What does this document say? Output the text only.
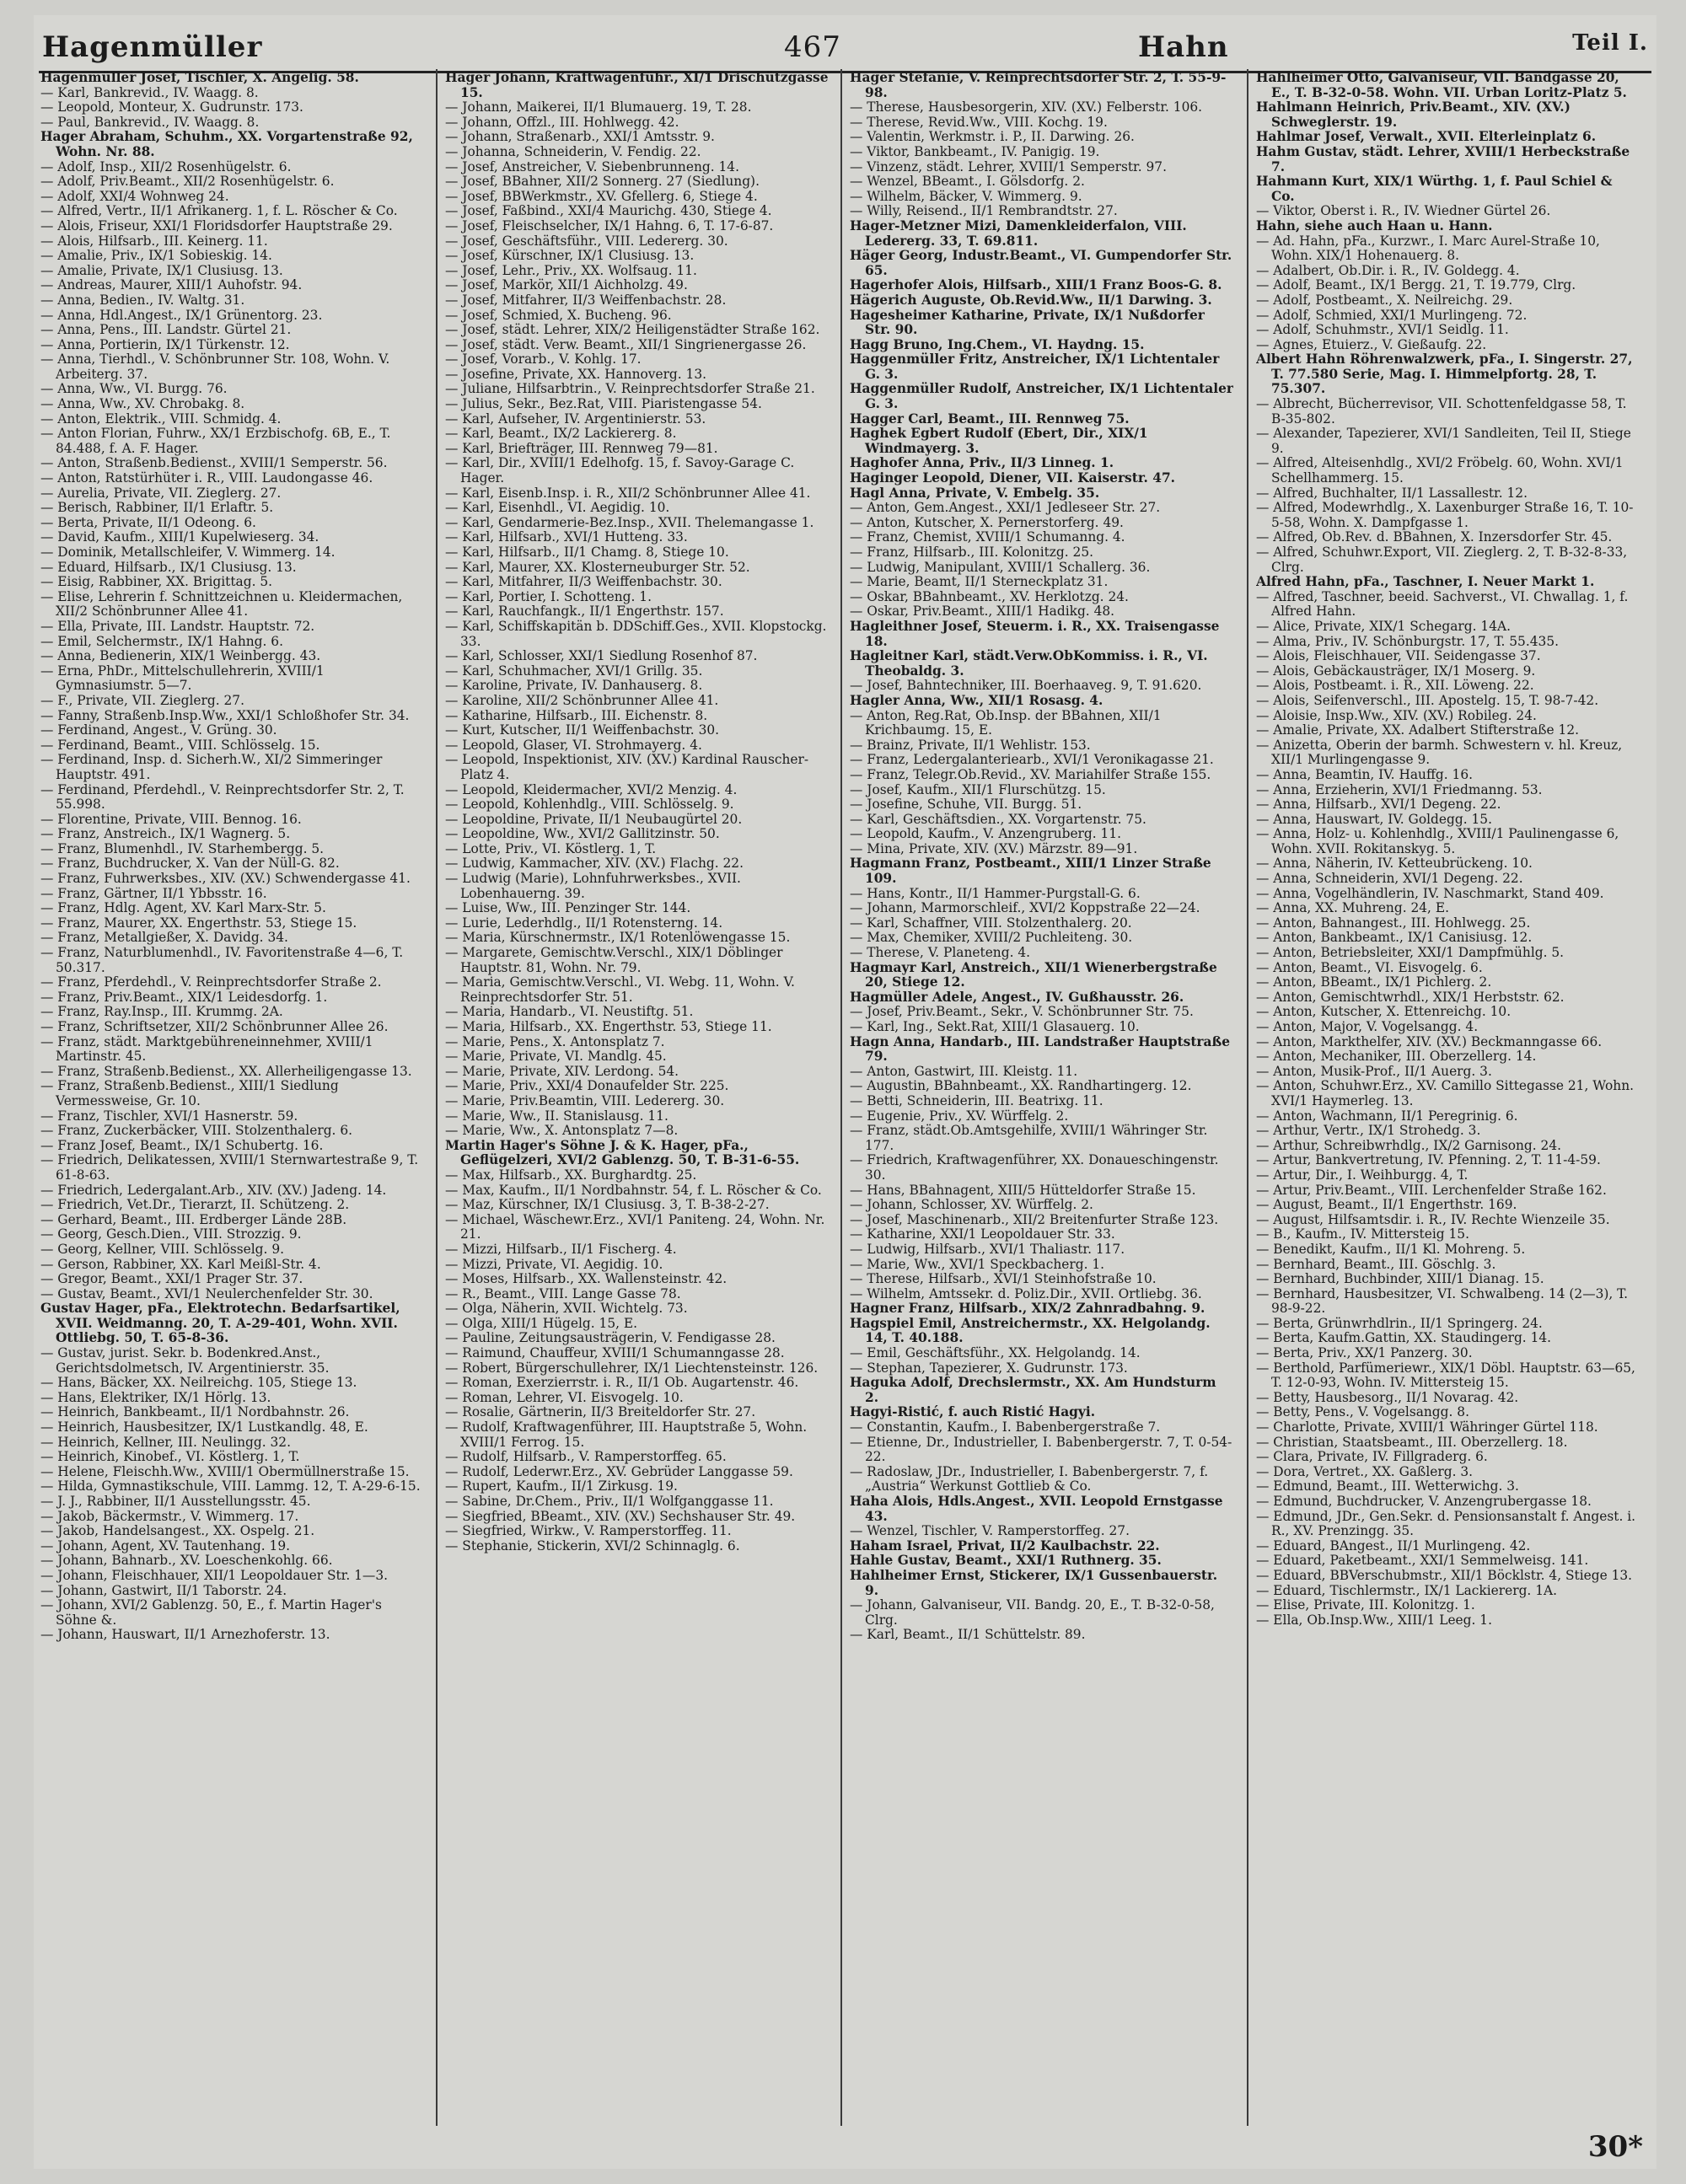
Hagenmüller	467	Hahn	Teil I.

Hagenmüller Josef, Tischler, X. Angelig. 58.

— Karl, Bankrevid., IV. Waagg. 8.

— Leopold, Monteur, X. Gudrunstr. 173.

— Paul, Bankrevid., IV. Waagg. 8.

Hager Abraham, Schuhm., XX. Vorgartenstraße 92, Wohn. Nr. 88.

— Adolf, Insp., XII/2 Rosenhügelstr. 6.

— Adolf, Priv.Beamt., XII/2 Rosenhügelstr. 6.

— Adolf, XXI/4 Wohnweg 24.

— Alfred, Vertr., II/1 Afrikanerg. 1, f. L. Röscher & Co.

— Alois, Friseur, XXI/1 Floridsdorfer Hauptstraße 29.

— Alois, Hilfsarb., III. Keinerg. 11.

— Amalie, Priv., IX/1 Sobieskig. 14.

— Amalie, Private, IX/1 Clusiusg. 13.

— Andreas, Maurer, XIII/1 Auhofstr. 94.

— Anna, Bedien., IV. Waltg. 31.

— Anna, Hdl.Angest., IX/1 Grünentorg. 23.

— Anna, Pens., III. Landstr. Gürtel 21.

— Anna, Portierin, IX/1 Türkenstr. 12.

— Anna, Tierhdl., V. Schönbrunner Str. 108, Wohn. V. Arbeiterg. 37.

— Anna, Ww., VI. Burgg. 76.

— Anna, Ww., XV. Chrobakg. 8.

— Anton, Elektrik., VIII. Schmidg. 4.

— Anton Florian, Fuhrw., XX/1 Erzbischofg. 6B, E., T. 84.488, f. A. F. Hager.

— Anton, Straßenb.Bedienst., XVIII/1 Semperstr. 56.

— Anton, Ratstürhüter i. R., VIII. Laudongasse 46.

— Aurelia, Private, VII. Zieglerg. 27.

— Berisch, Rabbiner, II/1 Erlaftr. 5.

— Berta, Private, II/1 Odeong. 6.

— David, Kaufm., XIII/1 Kupelwieserg. 34.

— Dominik, Metallschleifer, V. Wimmerg. 14.

— Eduard, Hilfsarb., IX/1 Clusiusg. 13.

— Eisig, Rabbiner, XX. Brigittag. 5.

— Elise, Lehrerin f. Schnittzeichnen u. Kleidermachen, XII/2 Schönbrunner Allee 41.

— Ella, Private, III. Landstr. Hauptstr. 72.

— Emil, Selchermstr., IX/1 Hahng. 6.

— Anna, Bedienerin, XIX/1 Weinbergg. 43.

— Erna, PhDr., Mittelschullehrerin, XVIII/1 Gymnasiumstr. 5—7.

— F., Private, VII. Zieglerg. 27.

— Fanny, Straßenb.Insp.Ww., XXI/1 Schloßhofer Str. 34.

— Ferdinand, Angest., V. Grüng. 30.

— Ferdinand, Beamt., VIII. Schlösselg. 15.

— Ferdinand, Insp. d. Sicherh.W., XI/2 Simmeringer Hauptstr. 491.

— Ferdinand, Pferdehdl., V. Reinprechtsdorfer Str. 2, T. 55.998.

— Florentine, Private, VIII. Bennog. 16.

— Franz, Anstreich., IX/1 Wagnerg. 5.

— Franz, Blumenhdl., IV. Starhembergg. 5.

— Franz, Buchdrucker, X. Van der Nüll-G. 82.

— Franz, Fuhrwerksbes., XIV. (XV.) Schwendergasse 41.

— Franz, Gärtner, II/1 Ybbsstr. 16.

— Franz, Hdlg. Agent, XV. Karl Marx-Str. 5.

— Franz, Maurer, XX. Engerthstr. 53, Stiege 15.

— Franz, Metallgießer, X. Davidg. 34.

— Franz, Naturblumenhdl., IV. Favoritenstraße 4—6, T. 50.317.

— Franz, Pferdehdl., V. Reinprechtsdorfer Straße 2.

— Franz, Priv.Beamt., XIX/1 Leidesdorfg. 1.

— Franz, Ray.Insp., III. Krummg. 2A.

— Franz, Schriftsetzer, XII/2 Schönbrunner Allee 26.

— Franz, städt. Marktgebühreneinnehmer, XVIII/1 Martinstr. 45.

— Franz, Straßenb.Bedienst., XX. Allerheiligengasse 13.

— Franz, Straßenb.Bedienst., XIII/1 Siedlung Vermessweise, Gr. 10.

— Franz, Tischler, XVI/1 Hasnerstr. 59.

— Franz, Zuckerbäcker, VIII. Stolzenthalerg. 6.

— Franz Josef, Beamt., IX/1 Schubertg. 16.

— Friedrich, Delikatessen, XVIII/1 Sternwartestraße 9, T. 61-8-63.

— Friedrich, Ledergalant.Arb., XIV. (XV.) Jadeng. 14.

— Friedrich, Vet.Dr., Tierarzt, II. Schützeng. 2.

— Gerhard, Beamt., III. Erdberger Lände 28B.

— Georg, Gesch.Dien., VIII. Strozzig. 9.

— Georg, Kellner, VIII. Schlösselg. 9.

— Gerson, Rabbiner, XX. Karl Meißl-Str. 4.

— Gregor, Beamt., XXI/1 Prager Str. 37.

— Gustav, Beamt., XVI/1 Neulerchenfelder Str. 30.

Gustav Hager, pFa., Elektrotechn. Bedarfsartikel, XVII. Weidmanng. 20, T. A-29-401, Wohn. XVII. Ottliebg. 50, T. 65-8-36.

— Gustav, jurist. Sekr. b. Bodenkred.Anst., Gerichtsdolmetsch, IV. Argentinierstr. 35.

— Hans, Bäcker, XX. Neilreichg. 105, Stiege 13.

— Hans, Elektriker, IX/1 Hörlg. 13.

— Heinrich, Bankbeamt., II/1 Nordbahnstr. 26.

— Heinrich, Hausbesitzer, IX/1 Lustkandlg. 48, E.

— Heinrich, Kellner, III. Neulingg. 32.

— Heinrich, Kinobef., VI. Köstlerg. 1, T.

— Helene, Fleischh.Ww., XVIII/1 Obermüllnerstraße 15.

— Hilda, Gymnastikschule, VIII. Lammg. 12, T. A-29-6-15.

— J. J., Rabbiner, II/1 Ausstellungsstr. 45.

— Jakob, Bäckermstr., V. Wimmerg. 17.

— Jakob, Handelsangest., XX. Ospelg. 21.

— Johann, Agent, XV. Tautenhang. 19.

— Johann, Bahnarb., XV. Loeschenkohlg. 66.

— Johann, Fleischhauer, XII/1 Leopoldauer Str. 1—3.

— Johann, Gastwirt, II/1 Taborstr. 24.

— Johann, XVI/2 Gablenzg. 50, E., f. Martin Hager's Söhne &.

— Johann, Hauswart, II/1 Arnezhoferstr. 13.

Hager Johann, Kraftwagenführ., XI/1 Drischützgasse 15.

— Johann, Maikerei, II/1 Blumauerg. 19, T. 28.

— Johann, Offzl., III. Hohlwegg. 42.

— Johann, Straßenarb., XXI/1 Amtsstr. 9.

— Johanna, Schneiderin, V. Fendig. 22.

— Josef, Anstreicher, V. Siebenbrunneng. 14.

— Josef, BBahner, XII/2 Sonnerg. 27 (Siedlung).

— Josef, BBWerkmstr., XV. Gfellerg. 6, Stiege 4.

— Josef, Faßbind., XXI/4 Maurichg. 430, Stiege 4.

— Josef, Fleischselcher, IX/1 Hahng. 6, T. 17-6-87.

— Josef, Geschäftsführ., VIII. Ledererg. 30.

— Josef, Kürschner, IX/1 Clusiusg. 13.

— Josef, Lehr., Priv., XX. Wolfsaug. 11.

— Josef, Markör, XII/1 Aichholzg. 49.

— Josef, Mitfahrer, II/3 Weiffenbachstr. 28.

— Josef, Schmied, X. Bucheng. 96.

— Josef, städt. Lehrer, XIX/2 Heiligenstädter Straße 162.

— Josef, städt. Verw. Beamt., XII/1 Singrienergasse 26.

— Josef, Vorarb., V. Kohlg. 17.

— Josefine, Private, XX. Hannoverg. 13.

— Juliane, Hilfsarbtrin., V. Reinprechtsdorfer Straße 21.

— Julius, Sekr., Bez.Rat, VIII. Piaristengasse 54.

— Karl, Aufseher, IV. Argentinierstr. 53.

— Karl, Beamt., IX/2 Lackiererg. 8.

— Karl, Briefträger, III. Rennweg 79—81.

— Karl, Dir., XVIII/1 Edelhofg. 15, f. Savoy-Garage C. Hager.

— Karl, Eisenb.Insp. i. R., XII/2 Schönbrunner Allee 41.

— Karl, Eisenhdl., VI. Aegidig. 10.

— Karl, Gendarmerie-Bez.Insp., XVII. Thelemangasse 1.

— Karl, Hilfsarb., XVI/1 Hutteng. 33.

— Karl, Hilfsarb., II/1 Chamg. 8, Stiege 10.

— Karl, Maurer, XX. Klosterneuburger Str. 52.

— Karl, Mitfahrer, II/3 Weiffenbachstr. 30.

— Karl, Portier, I. Schotteng. 1.

— Karl, Rauchfangk., II/1 Engerthstr. 157.

— Karl, Schiffskapitän b. DDSchiff.Ges., XVII. Klopstockg. 33.

— Karl, Schlosser, XXI/1 Siedlung Rosenhof 87.

— Karl, Schuhmacher, XVI/1 Grillg. 35.

— Karoline, Private, IV. Danhauserg. 8.

— Karoline, XII/2 Schönbrunner Allee 41.

— Katharine, Hilfsarb., III. Eichenstr. 8.

— Kurt, Kutscher, II/1 Weiffenbachstr. 30.

— Leopold, Glaser, VI. Strohmayerg. 4.

— Leopold, Inspektionist, XIV. (XV.) Kardinal Rauscher-Platz 4.

— Leopold, Kleidermacher, XVI/2 Menzig. 4.

— Leopold, Kohlenhdlg., VIII. Schlösselg. 9.

— Leopoldine, Private, II/1 Neubaugürtel 20.

— Leopoldine, Ww., XVI/2 Gallitzinstr. 50.

— Lotte, Priv., VI. Köstlerg. 1, T.

— Ludwig, Kammacher, XIV. (XV.) Flachg. 22.

— Ludwig (Marie), Lohnfuhrwerksbes., XVII. Lobenhauerng. 39.

— Luise, Ww., III. Penzinger Str. 144.

— Lurie, Lederhdlg., II/1 Rotensterng. 14.

— Maria, Kürschnermstr., IX/1 Rotenlöwengasse 15.

— Margarete, Gemischtw.Verschl., XIX/1 Döblinger Hauptstr. 81, Wohn. Nr. 79.

— Maria, Gemischtw.Verschl., VI. Webg. 11, Wohn. V. Reinprechtsdorfer Str. 51.

— Maria, Handarb., VI. Neustiftg. 51.

— Maria, Hilfsarb., XX. Engerthstr. 53, Stiege 11.

— Marie, Pens., X. Antonsplatz 7.

— Marie, Private, VI. Mandlg. 45.

— Marie, Private, XIV. Lerdong. 54.

— Marie, Priv., XXI/4 Donaufelder Str. 225.

— Marie, Priv.Beamtin, VIII. Ledererg. 30.

— Marie, Ww., II. Stanislausg. 11.

— Marie, Ww., X. Antonsplatz 7—8.

Martin Hager's Söhne J. & K. Hager, pFa., Geflügelzeri, XVI/2 Gablenzg. 50, T. B-31-6-55.

— Max, Hilfsarb., XX. Burghardtg. 25.

— Max, Kaufm., II/1 Nordbahnstr. 54, f. L. Röscher & Co.

— Maz, Kürschner, IX/1 Clusiusg. 3, T. B-38-2-27.

— Michael, Wäschewr.Erz., XVI/1 Paniteng. 24, Wohn. Nr. 21.

— Mizzi, Hilfsarb., II/1 Fischerg. 4.

— Mizzi, Private, VI. Aegidig. 10.

— Moses, Hilfsarb., XX. Wallensteinstr. 42.

— R., Beamt., VIII. Lange Gasse 78.

— Olga, Näherin, XVII. Wichtelg. 73.

— Olga, XIII/1 Hügelg. 15, E.

— Pauline, Zeitungsausträgerin, V. Fendigasse 28.

— Raimund, Chauffeur, XVIII/1 Schumanngasse 28.

— Robert, Bürgerschullehrer, IX/1 Liechtensteinstr. 126.

— Roman, Exerzierrstr. i. R., II/1 Ob. Augartenstr. 46.

— Roman, Lehrer, VI. Eisvogelg. 10.

— Rosalie, Gärtnerin, II/3 Breiteldorfer Str. 27.

— Rudolf, Kraftwagenführer, III. Hauptstraße 5, Wohn. XVIII/1 Ferrog. 15.

— Rudolf, Hilfsarb., V. Ramperstorffeg. 65.

— Rudolf, Lederwr.Erz., XV. Gebrüder Langgasse 59.

— Rupert, Kaufm., II/1 Zirkusg. 19.

— Sabine, Dr.Chem., Priv., II/1 Wolfganggasse 11.

— Siegfried, BBeamt., XIV. (XV.) Sechshauser Str. 49.

— Siegfried, Wirkw., V. Ramperstorffeg. 11.

— Stephanie, Stickerin, XVI/2 Schinnaglg. 6.

Hager Stefanie, V. Reinprechtsdorfer Str. 2, T. 55-9-98.

— Therese, Hausbesorgerin, XIV. (XV.) Felberstr. 106.

— Therese, Revid.Ww., VIII. Kochg. 19.

— Valentin, Werkmstr. i. P., II. Darwing. 26.

— Viktor, Bankbeamt., IV. Panigig. 19.

— Vinzenz, städt. Lehrer, XVIII/1 Semperstr. 97.

— Wenzel, BBeamt., I. Gölsdorfg. 2.

— Wilhelm, Bäcker, V. Wimmerg. 9.

— Willy, Reisend., II/1 Rembrandtstr. 27.

Hager-Metzner Mizi, Damenkleiderfalon, VIII. Ledererg. 33, T. 69.811.

Häger Georg, Industr.Beamt., VI. Gumpendorfer Str. 65.

Hagerhofer Alois, Hilfsarb., XIII/1 Franz Boos-G. 8.

Hägerich Auguste, Ob.Revid.Ww., II/1 Darwing. 3.

Hagesheimer Katharine, Private, IX/1 Nußdorfer Str. 90.

Hagg Bruno, Ing.Chem., VI. Haydng. 15.

Haggenmüller Fritz, Anstreicher, IX/1 Lichtentaler G. 3.

Haggenmüller Rudolf, Anstreicher, IX/1 Lichtentaler G. 3.

Hagger Carl, Beamt., III. Rennweg 75.

Haghek Egbert Rudolf (Ebert, Dir., XIX/1 Windmayerg. 3.

Haghofer Anna, Priv., II/3 Linneg. 1.

Haginger Leopold, Diener, VII. Kaiserstr. 47.

Hagl Anna, Private, V. Embelg. 35.

— Anton, Gem.Angest., XXI/1 Jedleseer Str. 27.

— Anton, Kutscher, X. Pernerstorferg. 49.

— Franz, Chemist, XVIII/1 Schumanng. 4.

— Franz, Hilfsarb., III. Kolonitzg. 25.

— Ludwig, Manipulant, XVIII/1 Schallerg. 36.

— Marie, Beamt, II/1 Sterneckplatz 31.

— Oskar, BBahnbeamt., XV. Herklotzg. 24.

— Oskar, Priv.Beamt., XIII/1 Hadikg. 48.

Hagleithner Josef, Steuerm. i. R., XX. Traisengasse 18.

Hagleitner Karl, städt.Verw.ObKommiss. i. R., VI. Theobaldg. 3.

— Josef, Bahntechniker, III. Boerhaaveg. 9, T. 91.620.

Hagler Anna, Ww., XII/1 Rosasg. 4.

— Anton, Reg.Rat, Ob.Insp. der BBahnen, XII/1 Krichbaumg. 15, E.

— Brainz, Private, II/1 Wehlistr. 153.

— Franz, Ledergalanteriearb., XVI/1 Veronikagasse 21.

— Franz, Telegr.Ob.Revid., XV. Mariahilfer Straße 155.

— Josef, Kaufm., XII/1 Flurschützg. 15.

— Josefine, Schuhe, VII. Burgg. 51.

— Karl, Geschäftsdien., XX. Vorgartenstr. 75.

— Leopold, Kaufm., V. Anzengruberg. 11.

— Mina, Private, XIV. (XV.) Märzstr. 89—91.

Hagmann Franz, Postbeamt., XIII/1 Linzer Straße 109.

— Hans, Kontr., II/1 Hammer-Purgstall-G. 6.

— Johann, Marmorschleif., XVI/2 Koppstraße 22—24.

— Karl, Schaffner, VIII. Stolzenthalerg. 20.

— Max, Chemiker, XVIII/2 Puchleiteng. 30.

— Therese, V. Planeteng. 4.

Hagmayr Karl, Anstreich., XII/1 Wienerbergstraße 20, Stiege 12.

Hagmüller Adele, Angest., IV. Gußhausstr. 26.

— Josef, Priv.Beamt., Sekr., V. Schönbrunner Str. 75.

— Karl, Ing., Sekt.Rat, XIII/1 Glasauerg. 10.

Hagn Anna, Handarb., III. Landstraßer Hauptstraße 79.

— Anton, Gastwirt, III. Kleistg. 11.

— Augustin, BBahnbeamt., XX. Randhartingerg. 12.

— Betti, Schneiderin, III. Beatrixg. 11.

— Eugenie, Priv., XV. Würffelg. 2.

— Franz, städt.Ob.Amtsgehilfe, XVIII/1 Währinger Str. 177.

— Friedrich, Kraftwagenführer, XX. Donaueschingenstr. 30.

— Hans, BBahnagent, XIII/5 Hütteldorfer Straße 15.

— Johann, Schlosser, XV. Würffelg. 2.

— Josef, Maschinenarb., XII/2 Breitenfurter Straße 123.

— Katharine, XXI/1 Leopoldauer Str. 33.

— Ludwig, Hilfsarb., XVI/1 Thaliastr. 117.

— Marie, Ww., XVI/1 Speckbacherg. 1.

— Therese, Hilfsarb., XVI/1 Steinhofstraße 10.

— Wilhelm, Amtssekr. d. Poliz.Dir., XVII. Ortliebg. 36.

Hagner Franz, Hilfsarb., XIX/2 Zahnradbahng. 9.

Hagspiel Emil, Anstreichermstr., XX. Helgolandg. 14, T. 40.188.

— Emil, Geschäftsführ., XX. Helgolandg. 14.

— Stephan, Tapezierer, X. Gudrunstr. 173.

Haguka Adolf, Drechslermstr., XX. Am Hundsturm 2.

Hagyi-Ristić, f. auch Ristić Hagyi.

— Constantin, Kaufm., I. Babenbergerstraße 7.

— Etienne, Dr., Industrieller, I. Babenbergerstr. 7, T. 0-54-22.

— Radoslaw, JDr., Industrieller, I. Babenbergerstr. 7, f. „Austria“ Werkunst Gottlieb & Co.

Haha Alois, Hdls.Angest., XVII. Leopold Ernstgasse 43.

— Wenzel, Tischler, V. Ramperstorffeg. 27.

Haham Israel, Privat, II/2 Kaulbachstr. 22.

Hahle Gustav, Beamt., XXI/1 Ruthnerg. 35.

Hahlheimer Ernst, Stickerer, IX/1 Gussenbauerstr. 9.

— Johann, Galvaniseur, VII. Bandg. 20, E., T. B-32-0-58, Clrg.

— Karl, Beamt., II/1 Schüttelstr. 89.

Hahlheimer Otto, Galvaniseur, VII. Bandgasse 20, E., T. B-32-0-58. Wohn. VII. Urban Loritz-Platz 5.

Hahlmann Heinrich, Priv.Beamt., XIV. (XV.) Schweglerstr. 19.

Hahlmar Josef, Verwalt., XVII. Elterleinplatz 6.

Hahm Gustav, städt. Lehrer, XVIII/1 Herbeckstraße 7.

Hahmann Kurt, XIX/1 Würthg. 1, f. Paul Schiel & Co.

— Viktor, Oberst i. R., IV. Wiedner Gürtel 26.

Hahn, siehe auch Haan u. Hann.

— Ad. Hahn, pFa., Kurzwr., I. Marc Aurel-Straße 10, Wohn. XIX/1 Hohenauerg. 8.

— Adalbert, Ob.Dir. i. R., IV. Goldegg. 4.

— Adolf, Beamt., IX/1 Bergg. 21, T. 19.779, Clrg.

— Adolf, Postbeamt., X. Neilreichg. 29.

— Adolf, Schmied, XXI/1 Murlingeng. 72.

— Adolf, Schuhmstr., XVI/1 Seidlg. 11.

— Agnes, Etuierz., V. Gießaufg. 22.

Albert Hahn Röhrenwalzwerk, pFa., I. Singerstr. 27, T. 77.580 Serie, Mag. I. Himmelpfortg. 28, T. 75.307.

— Albrecht, Bücherrevisor, VII. Schottenfeldgasse 58, T. B-35-802.

— Alexander, Tapezierer, XVI/1 Sandleiten, Teil II, Stiege 9.

— Alfred, Alteisenhdlg., XVI/2 Fröbelg. 60, Wohn. XVI/1 Schellhammerg. 15.

— Alfred, Buchhalter, II/1 Lassallestr. 12.

— Alfred, Modewrhdlg., X. Laxenburger Straße 16, T. 10-5-58, Wohn. X. Dampfgasse 1.

— Alfred, Ob.Rev. d. BBahnen, X. Inzersdorfer Str. 45.

— Alfred, Schuhwr.Export, VII. Zieglerg. 2, T. B-32-8-33, Clrg.

Alfred Hahn, pFa., Taschner, I. Neuer Markt 1.

— Alfred, Taschner, beeid. Sachverst., VI. Chwallag. 1, f. Alfred Hahn.

— Alice, Private, XIX/1 Schegarg. 14A.

— Alma, Priv., IV. Schönburgstr. 17, T. 55.435.

— Alois, Fleischhauer, VII. Seidengasse 37.

— Alois, Gebäckausträger, IX/1 Moserg. 9.

— Alois, Postbeamt. i. R., XII. Löweng. 22.

— Alois, Seifenverschl., III. Apostelg. 15, T. 98-7-42.

— Aloisie, Insp.Ww., XIV. (XV.) Robileg. 24.

— Amalie, Private, XX. Adalbert Stifterstraße 12.

— Anizetta, Oberin der barmh. Schwestern v. hl. Kreuz, XII/1 Murlingengasse 9.

— Anna, Beamtin, IV. Hauffg. 16.

— Anna, Erzieherin, XVI/1 Friedmanng. 53.

— Anna, Hilfsarb., XVI/1 Degeng. 22.

— Anna, Hauswart, IV. Goldegg. 15.

— Anna, Holz- u. Kohlenhdlg., XVIII/1 Paulinengasse 6, Wohn. XVII. Rokitanskyg. 5.

— Anna, Näherin, IV. Ketteubrückeng. 10.

— Anna, Schneiderin, XVI/1 Degeng. 22.

— Anna, Vogelhändlerin, IV. Naschmarkt, Stand 409.

— Anna, XX. Muhreng. 24, E.

— Anton, Bahnangest., III. Hohlwegg. 25.

— Anton, Bankbeamt., IX/1 Canisiusg. 12.

— Anton, Betriebsleiter, XXI/1 Dampfmühlg. 5.

— Anton, Beamt., VI. Eisvogelg. 6.

— Anton, BBeamt., IX/1 Pichlerg. 2.

— Anton, Gemischtwrhdl., XIX/1 Herbststr. 62.

— Anton, Kutscher, X. Ettenreichg. 10.

— Anton, Major, V. Vogelsangg. 4.

— Anton, Markthelfer, XIV. (XV.) Beckmanngasse 66.

— Anton, Mechaniker, III. Oberzellerg. 14.

— Anton, Musik-Prof., II/1 Auerg. 3.

— Anton, Schuhwr.Erz., XV. Camillo Sittegasse 21, Wohn. XVI/1 Haymerleg. 13.

— Anton, Wachmann, II/1 Peregrinig. 6.

— Arthur, Vertr., IX/1 Strohedg. 3.

— Arthur, Schreibwrhdlg., IX/2 Garnisong. 24.

— Artur, Bankvertretung, IV. Pfenning. 2, T. 11-4-59.

— Artur, Dir., I. Weihburgg. 4, T.

— Artur, Priv.Beamt., VIII. Lerchenfelder Straße 162.

— August, Beamt., II/1 Engerthstr. 169.

— August, Hilfsamtsdir. i. R., IV. Rechte Wienzeile 35.

— B., Kaufm., IV. Mittersteig 15.

— Benedikt, Kaufm., II/1 Kl. Mohreng. 5.

— Bernhard, Beamt., III. Göschlg. 3.

— Bernhard, Buchbinder, XIII/1 Dianag. 15.

— Bernhard, Hausbesitzer, VI. Schwalbeng. 14 (2—3), T. 98-9-22.

— Berta, Grünwrhdlrin., II/1 Springerg. 24.

— Berta, Kaufm.Gattin, XX. Staudingerg. 14.

— Berta, Priv., XX/1 Panzerg. 30.

— Berthold, Parfümeriewr., XIX/1 Döbl. Hauptstr. 63—65, T. 12-0-93, Wohn. IV. Mittersteig 15.

— Betty, Hausbesorg., II/1 Novarag. 42.

— Betty, Pens., V. Vogelsangg. 8.

— Charlotte, Private, XVIII/1 Währinger Gürtel 118.

— Christian, Staatsbeamt., III. Oberzellerg. 18.

— Clara, Private, IV. Fillgraderg. 6.

— Dora, Vertret., XX. Gaßlerg. 3.

— Edmund, Beamt., III. Wetterwichg. 3.

— Edmund, Buchdrucker, V. Anzengrubergasse 18.

— Edmund, JDr., Gen.Sekr. d. Pensionsanstalt f. Angest. i. R., XV. Prenzingg. 35.

— Eduard, BAngest., II/1 Murlingeng. 42.

— Eduard, Paketbeamt., XXI/1 Semmelweisg. 141.

— Eduard, BBVerschubmstr., XII/1 Böcklstr. 4, Stiege 13.

— Eduard, Tischlermstr., IX/1 Lackiererg. 1A.

— Elise, Private, III. Kolonitzg. 1.

— Ella, Ob.Insp.Ww., XIII/1 Leeg. 1.

30*
